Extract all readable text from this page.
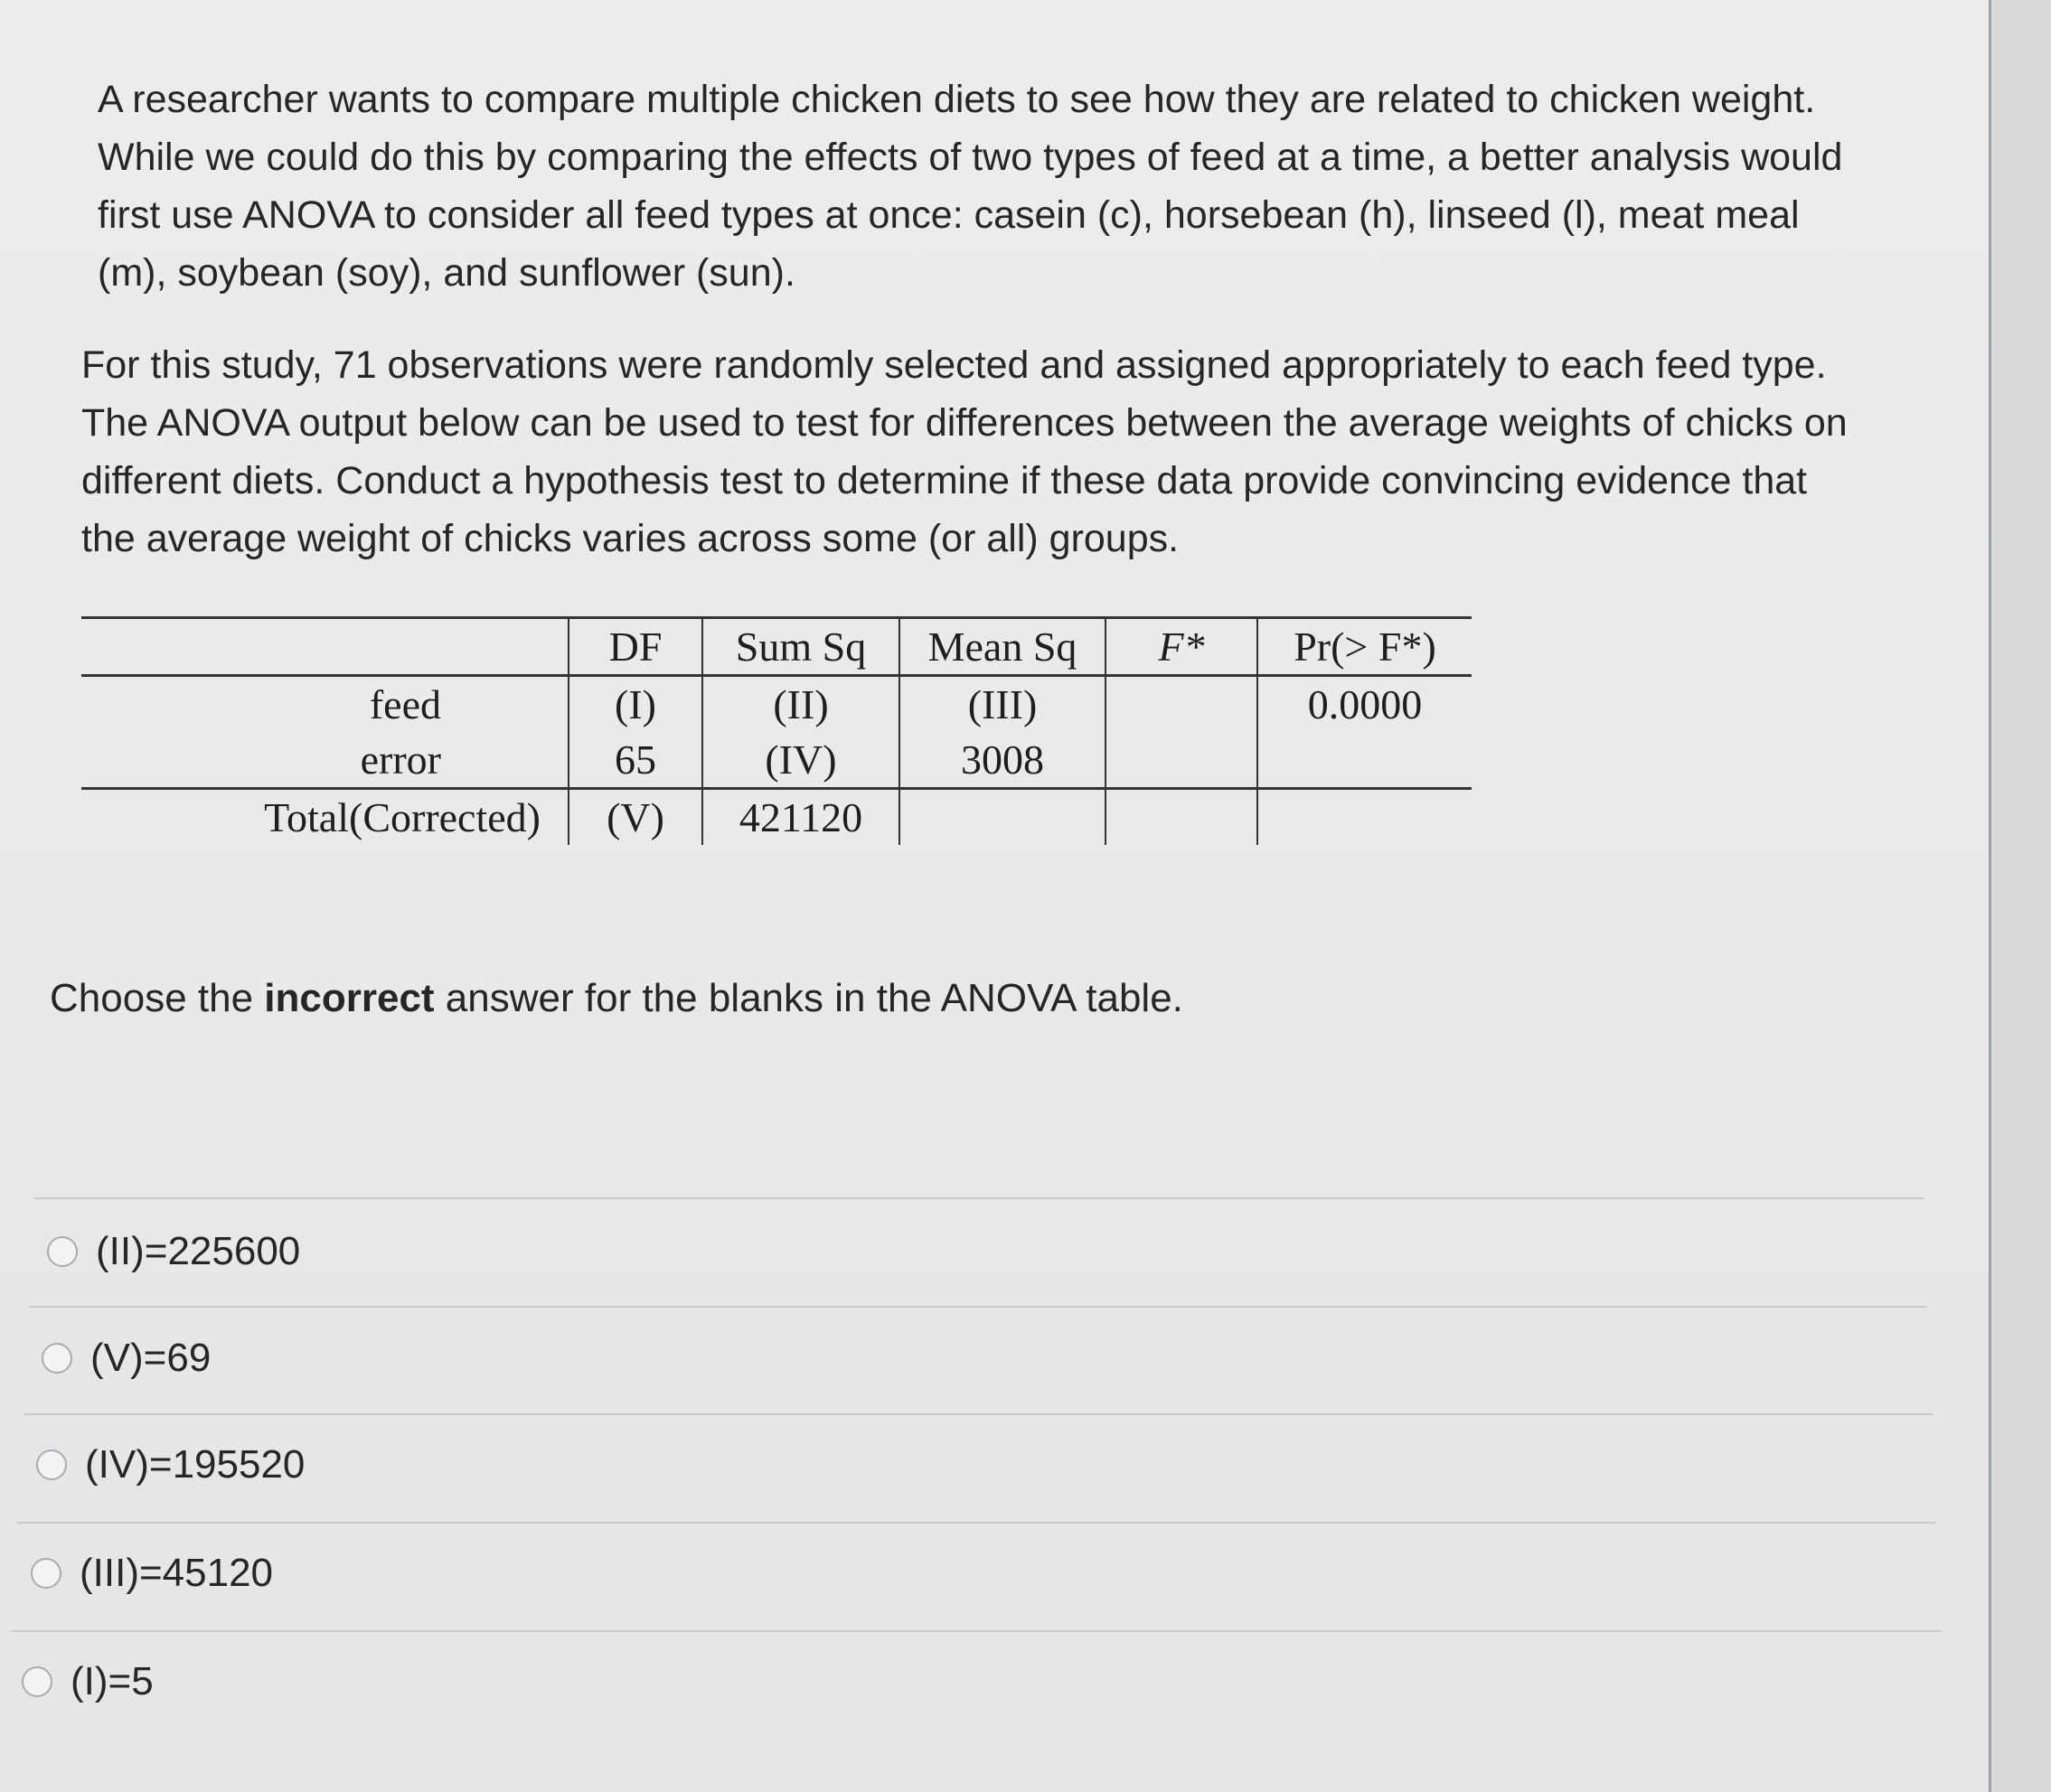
A researcher wants to compare multiple chicken diets to see how they are related to chicken weight. While we could do this by comparing the effects of two types of feed at a time, a better analysis would first use ANOVA to consider all feed types at once: casein (c), horsebean (h), linseed (l), meat meal (m), soybean (soy), and sunflower (sun).

For this study, 71 observations were randomly selected and assigned appropriately to each feed type. The ANOVA output below can be used to test for differences between the average weights of chicks on different diets. Conduct a hypothesis test to determine if these data provide convincing evidence that the average weight of chicks varies across some (or all) groups.

	DF	Sum Sq	Mean Sq	F*	Pr(> F*)
feed	(I)	(II)	(III)		0.0000
error	65	(IV)	3008		
Total(Corrected)	(V)	421120			

Choose the incorrect answer for the blanks in the ANOVA table.

(II)=225600
(V)=69
(IV)=195520
(III)=45120
(I)=5
